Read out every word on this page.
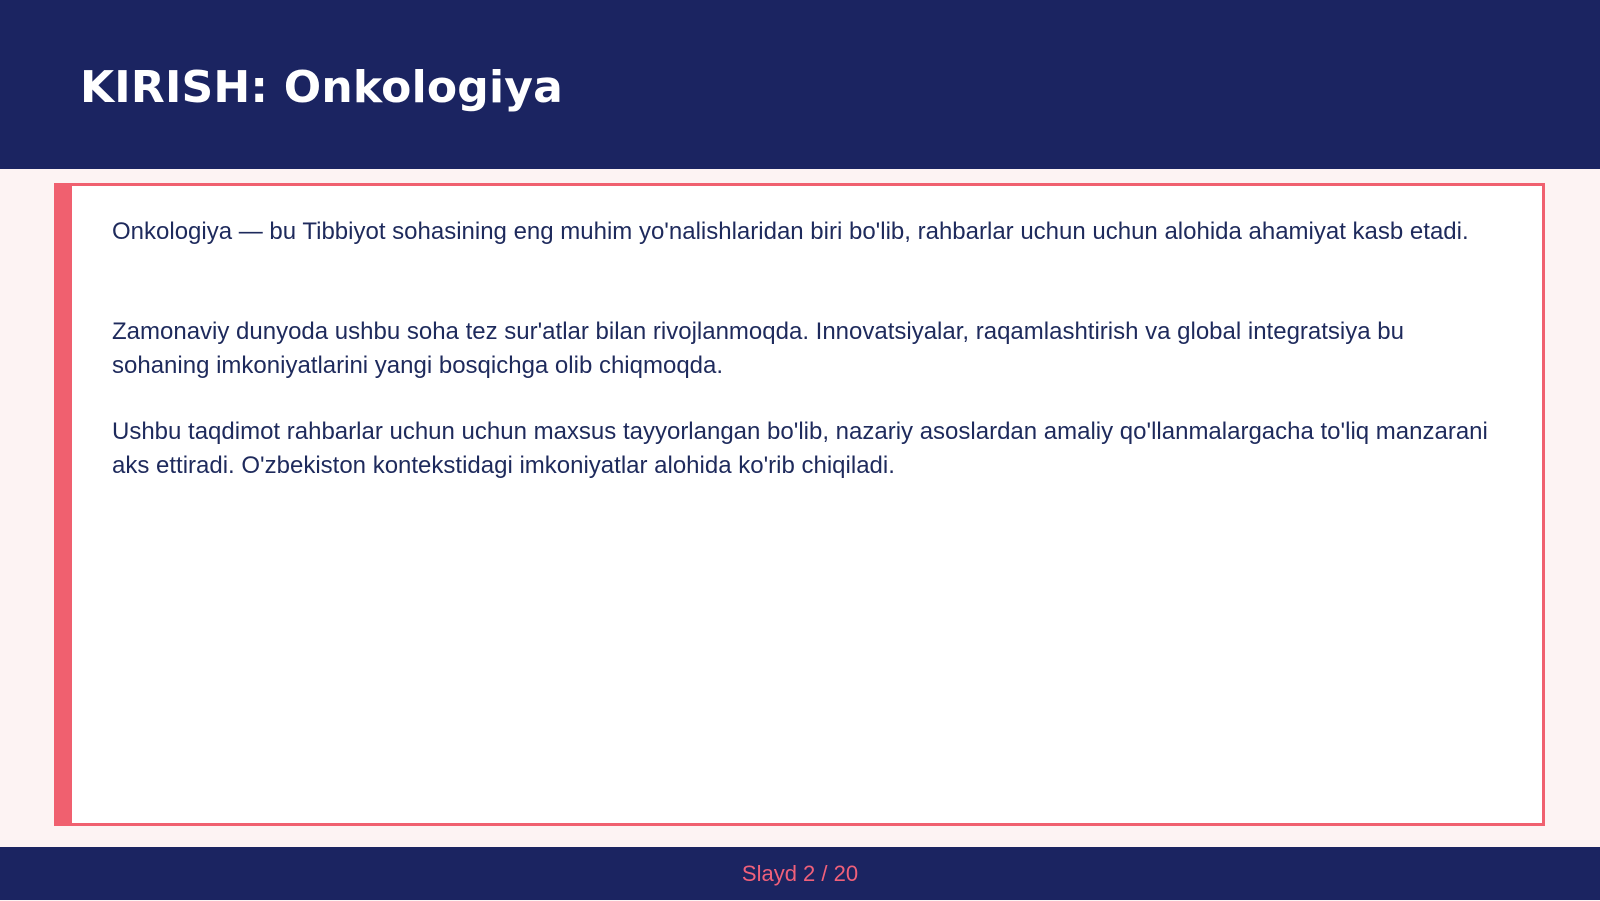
KIRISH: Onkologiya

Onkologiya — bu Tibbiyot sohasining eng muhim yo'nalishlaridan biri bo'lib, rahbarlar uchun uchun alohida ahamiyat kasb etadi.

Zamonaviy dunyoda ushbu soha tez sur'atlar bilan rivojlanmoqda. Innovatsiyalar, raqamlashtirish va global integratsiya bu sohaning imkoniyatlarini yangi bosqichga olib chiqmoqda.

Ushbu taqdimot rahbarlar uchun uchun maxsus tayyorlangan bo'lib, nazariy asoslardan amaliy qo'llanmalargacha to'liq manzarani aks ettiradi. O'zbekiston kontekstidagi imkoniyatlar alohida ko'rib chiqiladi.

Slayd 2 / 20
